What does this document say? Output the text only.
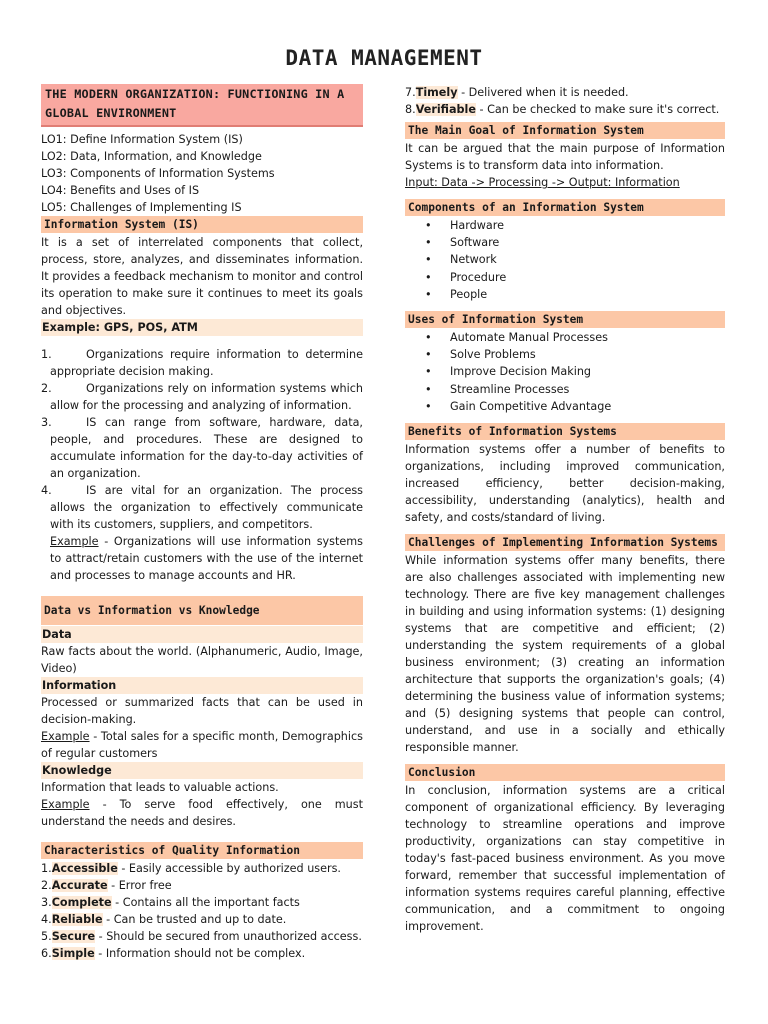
DATA MANAGEMENT
THE MODERN ORGANIZATION: FUNCTIONING IN A GLOBAL ENVIRONMENT
LO1: Define Information System (IS)
LO2: Data, Information, and Knowledge
LO3: Components of Information Systems
LO4: Benefits and Uses of IS
LO5: Challenges of Implementing IS
Information System (IS)

It is a set of interrelated components that collect, process, store, analyzes, and disseminates information. It provides a feedback mechanism to monitor and control its operation to make sure it continues to meet its goals and objectives.

Example: GPS, POS, ATM
1.	Organizations require information to determine appropriate decision making.
2.	Organizations rely on information systems which allow for the processing and analyzing of information.
3.	IS can range from software, hardware, data, people, and procedures. These are designed to accumulate information for the day-to-day activities of an organization.
4.	IS are vital for an organization. The process allows the organization to effectively communicate with its customers, suppliers, and competitors.

Example - Organizations will use information systems to attract/retain customers with the use of the internet and processes to manage accounts and HR.

Data vs Information vs Knowledge
Data

Raw facts about the world. (Alphanumeric, Audio, Image, Video)

Information

Processed or summarized facts that can be used in decision-making.

Example - Total sales for a specific month, Demographics of regular customers

Knowledge

Information that leads to valuable actions.

Example - To serve food effectively, one must understand the needs and desires.

Characteristics of Quality Information
1.Accessible - Easily accessible by authorized users.
2.Accurate - Error free
3.Complete - Contains all the important facts
4.Reliable - Can be trusted and up to date.
5.Secure - Should be secured from unauthorized access.
6.Simple - Information should not be complex.
7.Timely - Delivered when it is needed.
8.Verifiable - Can be checked to make sure it's correct.
The Main Goal of Information System

It can be argued that the main purpose of Information Systems is to transform data into information.

Input: Data -> Processing -> Output: Information

Components of an Information System
• Hardware
• Software
• Network
• Procedure
• People
Uses of Information System
• Automate Manual Processes
• Solve Problems
• Improve Decision Making
• Streamline Processes
• Gain Competitive Advantage
Benefits of Information Systems

Information systems offer a number of benefits to organizations, including improved communication, increased efficiency, better decision-making, accessibility, understanding (analytics), health and safety, and costs/standard of living.

Challenges of Implementing Information Systems

While information systems offer many benefits, there are also challenges associated with implementing new technology. There are five key management challenges in building and using information systems: (1) designing systems that are competitive and efficient; (2) understanding the system requirements of a global business environment; (3) creating an information architecture that supports the organization's goals; (4) determining the business value of information systems; and (5) designing systems that people can control, understand, and use in a socially and ethically responsible manner.

Conclusion

In conclusion, information systems are a critical component of organizational efficiency. By leveraging technology to streamline operations and improve productivity, organizations can stay competitive in today's fast-paced business environment. As you move forward, remember that successful implementation of information systems requires careful planning, effective communication, and a commitment to ongoing improvement.
